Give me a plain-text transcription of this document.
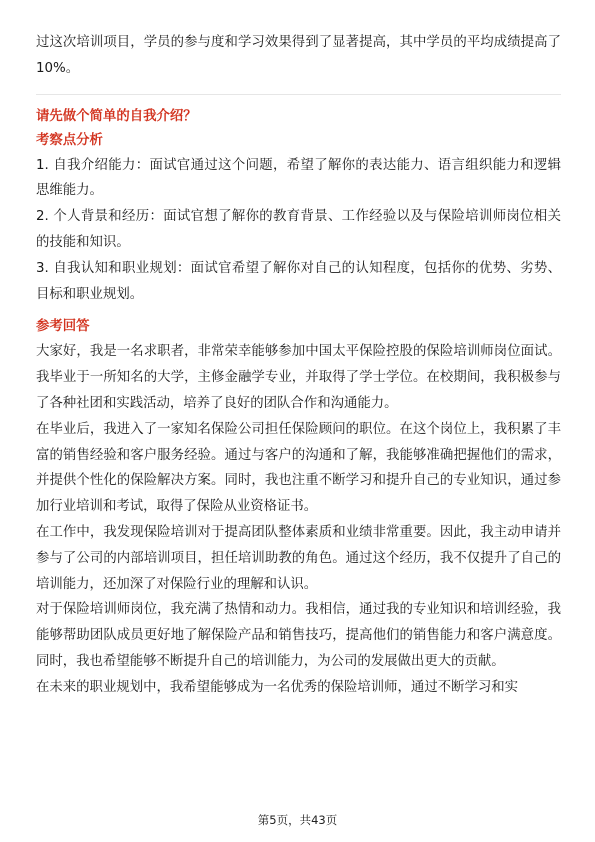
过这次培训项目，学员的参与度和学习效果得到了显著提高，其中学员的平均成绩提高了10%。

请先做个简单的自我介绍？

考察点分析

1. 自我介绍能力：面试官通过这个问题，希望了解你的表达能力、语言组织能力和逻辑思维能力。

2. 个人背景和经历：面试官想了解你的教育背景、工作经验以及与保险培训师岗位相关的技能和知识。

3. 自我认知和职业规划：面试官希望了解你对自己的认知程度，包括你的优势、劣势、目标和职业规划。

参考回答

大家好，我是一名求职者，非常荣幸能够参加中国太平保险控股的保险培训师岗位面试。我毕业于一所知名的大学，主修金融学专业，并取得了学士学位。在校期间，我积极参与了各种社团和实践活动，培养了良好的团队合作和沟通能力。

在毕业后，我进入了一家知名保险公司担任保险顾问的职位。在这个岗位上，我积累了丰富的销售经验和客户服务经验。通过与客户的沟通和了解，我能够准确把握他们的需求，并提供个性化的保险解决方案。同时，我也注重不断学习和提升自己的专业知识，通过参加行业培训和考试，取得了保险从业资格证书。

在工作中，我发现保险培训对于提高团队整体素质和业绩非常重要。因此，我主动申请并参与了公司的内部培训项目，担任培训助教的角色。通过这个经历，我不仅提升了自己的培训能力，还加深了对保险行业的理解和认识。

对于保险培训师岗位，我充满了热情和动力。我相信，通过我的专业知识和培训经验，我能够帮助团队成员更好地了解保险产品和销售技巧，提高他们的销售能力和客户满意度。同时，我也希望能够不断提升自己的培训能力，为公司的发展做出更大的贡献。

在未来的职业规划中，我希望能够成为一名优秀的保险培训师，通过不断学习和实

第5页，共43页
